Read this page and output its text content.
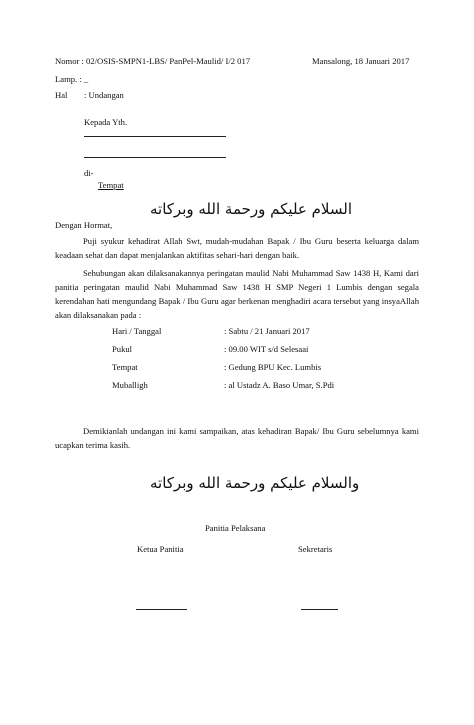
Nomor : 02/OSIS-SMPN1-LBS/ PanPel-Maulid/ I/2 017	Mansalong, 18 Januari 2017
Lamp. : _
Hal : Undangan
Kepada Yth.
di-
Tempat
السلام عليكم ورحمة الله وبركاته
Dengan Hormat,
Puji syukur kehadirat Allah Swt, mudah-mudahan Bapak / Ibu Guru beserta keluarga dalam keadaan sehat dan dapat menjalankan aktifitas sehari-hari dengan baik.
Sehubungan akan dilaksanakannya peringatan maulid Nabi Muhammad Saw 1438 H, Kami dari panitia peringatan maulid Nabi Muhammad Saw 1438 H SMP Negeri 1 Lumbis dengan segala kerendahan hati mengundang Bapak / Ibu Guru agar berkenan menghadiri acara tersebut yang insyaAllah akan dilaksanakan pada :
Hari / Tanggal	: Sabtu / 21 Januari 2017
Pukul	: 09.00 WIT s/d Selesaai
Tempat	: Gedung BPU Kec. Lumbis
Muballigh	: al Ustadz A. Baso Umar, S.Pdi
Demikianlah undangan ini kami sampaikan, atas kehadiran Bapak/ Ibu Guru sebelumnya kami ucapkan terima kasih.
والسلام عليكم ورحمة الله وبركاته
Panitia Pelaksana
Ketua Panitia	Sekretaris
